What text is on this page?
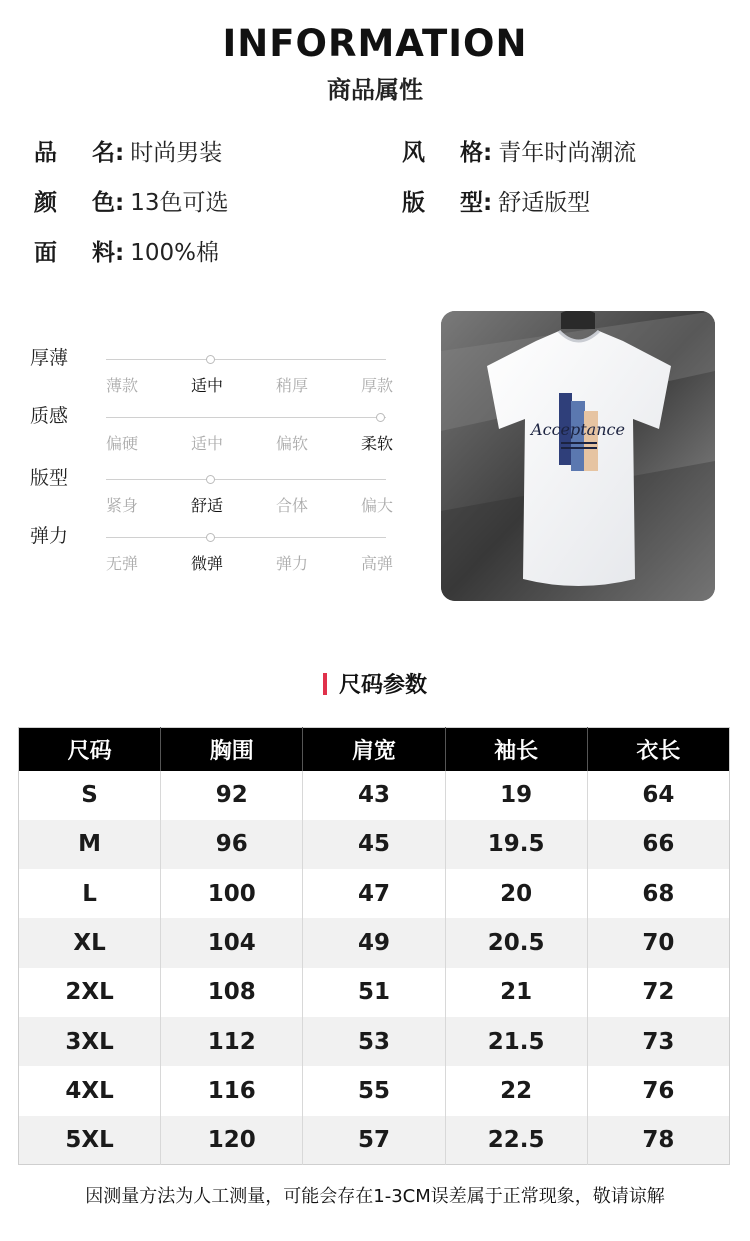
INFORMATION
商品属性
品	名: 时尚男装	风	格: 青年时尚潮流
颜	色: 13色可选	版	型: 舒适版型
面	料: 100%棉
厚薄
薄款	适中	稍厚	厚款
质感
偏硬	适中	偏软	柔软
版型
紧身	舒适	合体	偏大
弹力
无弹	微弹	弹力	高弹
Acceptance
尺码参数
尺码	胸围	肩宽	袖长	衣长
S	92	43	19	64
M	96	45	19.5	66
L	100	47	20	68
XL	104	49	20.5	70
2XL	108	51	21	72
3XL	112	53	21.5	73
4XL	116	55	22	76
5XL	120	57	22.5	78
因测量方法为人工测量，可能会存在1-3CM误差属于正常现象，敬请谅解
